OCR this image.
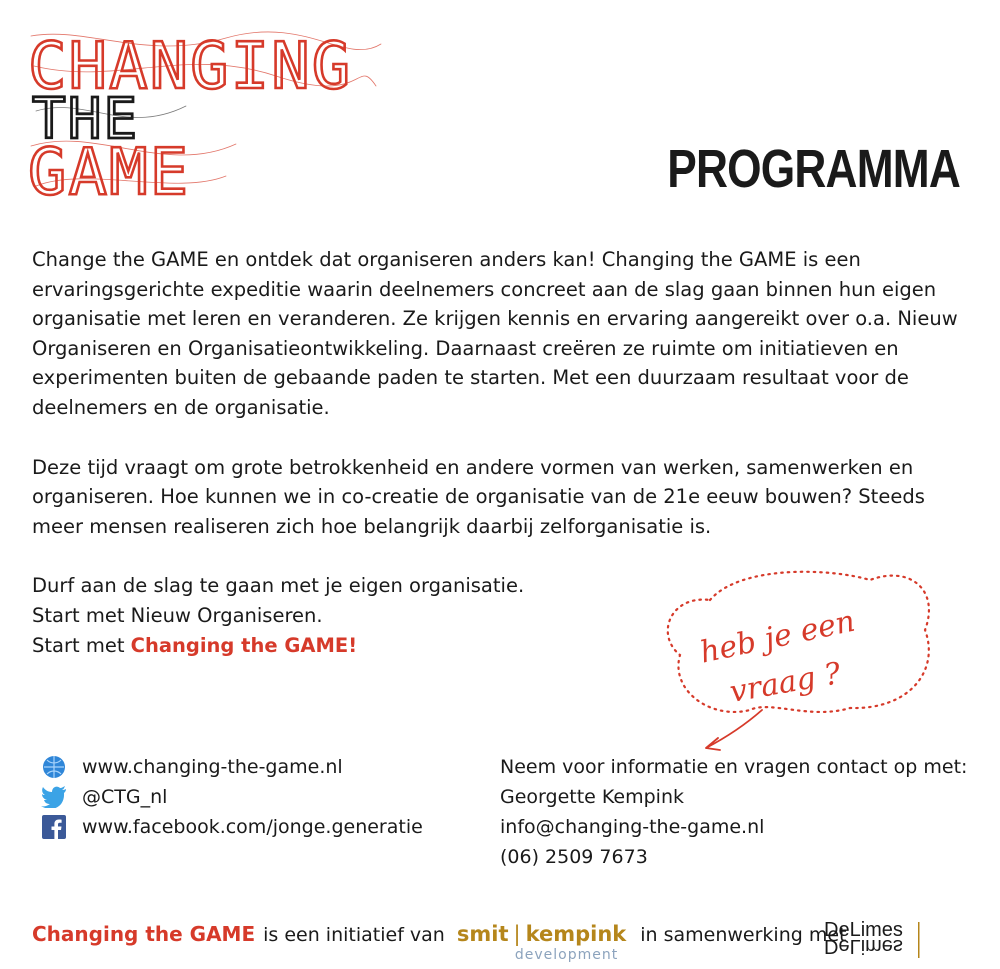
CHANGING
THE
GAME	PROGRAMMA

Change the GAME en ontdek dat organiseren anders kan! Changing the GAME is een ervaringsgerichte expeditie waarin deelnemers concreet aan de slag gaan binnen hun eigen organisatie met leren en veranderen. Ze krijgen kennis en ervaring aangereikt over o.a. Nieuw Organiseren en Organisatieontwikkeling. Daarnaast creëren ze ruimte om initiatieven en experimenten buiten de gebaande paden te starten. Met een duurzaam resultaat voor de deelnemers en de organisatie.

Deze tijd vraagt om grote betrokkenheid en andere vormen van werken, samenwerken en organiseren. Hoe kunnen we in co-creatie de organisatie van de 21e eeuw bouwen? Steeds meer mensen realiseren zich hoe belangrijk daarbij zelforganisatie is.

Durf aan de slag te gaan met je eigen organisatie.
Start met Nieuw Organiseren.
Start met Changing the GAME!	heb je een
vraag ?
www.changing-the-game.nl
@CTG_nl
www.facebook.com/jonge.generatie
Neem voor informatie en vragen contact op met:
Georgette Kempink
info@changing-the-game.nl
(06) 2509 7673
Changing the GAME is een initiatief van smit | kempink
development
in samenwerking met
DeLimes
DeLimes
